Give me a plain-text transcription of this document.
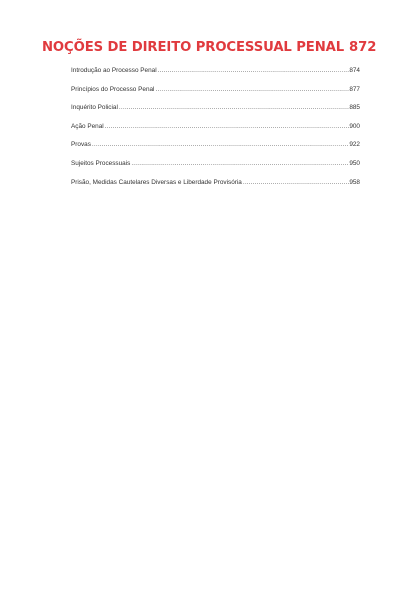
NOÇÕES DE DIREITO PROCESSUAL PENAL 872
Introdução ao Processo Penal .....	874
Princípios do Processo Penal .....	877
Inquérito Policial .....	885
Ação Penal .....	900
Provas .....	922
Sujeitos Processuais .....	950
Prisão, Medidas Cautelares Diversas e Liberdade Provisória .....	958
